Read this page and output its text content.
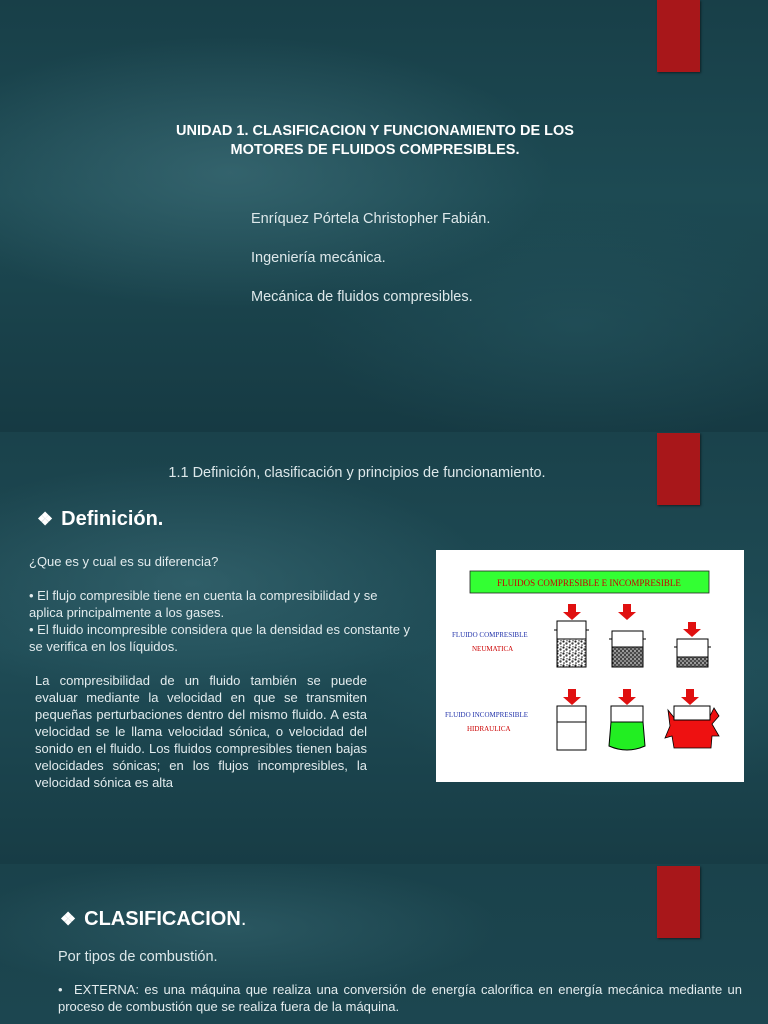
UNIDAD 1. CLASIFICACION Y FUNCIONAMIENTO DE LOS
MOTORES DE FLUIDOS COMPRESIBLES.
Enríquez Pórtela Christopher Fabián.
Ingeniería mecánica.
Mecánica de fluidos compresibles.
1.1 Definición, clasificación y principios de funcionamiento.
❖ Definición.
¿Que es y cual es su diferencia?
• El flujo compresible tiene en cuenta la compresibilidad y se aplica principalmente a los gases.
• El fluido incompresible considera que la densidad es constante y se verifica en los líquidos.
La compresibilidad de un fluido también se puede evaluar mediante la velocidad en que se transmiten pequeñas perturbaciones dentro del mismo fluido. A esta velocidad se le llama velocidad sónica, o velocidad del sonido en el fluido. Los fluidos compresibles tienen bajas velocidades sónicas; en los flujos incompresibles, la velocidad sónica es alta
FLUIDOS COMPRESIBLE E INCOMPRESIBLE
FLUIDO COMPRESIBLE
NEUMATICA
FLUIDO INCOMPRESIBLE
HIDRAULICA
❖ CLASIFICACION.
Por tipos de combustión.
• EXTERNA: es una máquina que realiza una conversión de energía calorífica en energía mecánica mediante un proceso de combustión que se realiza fuera de la máquina.
